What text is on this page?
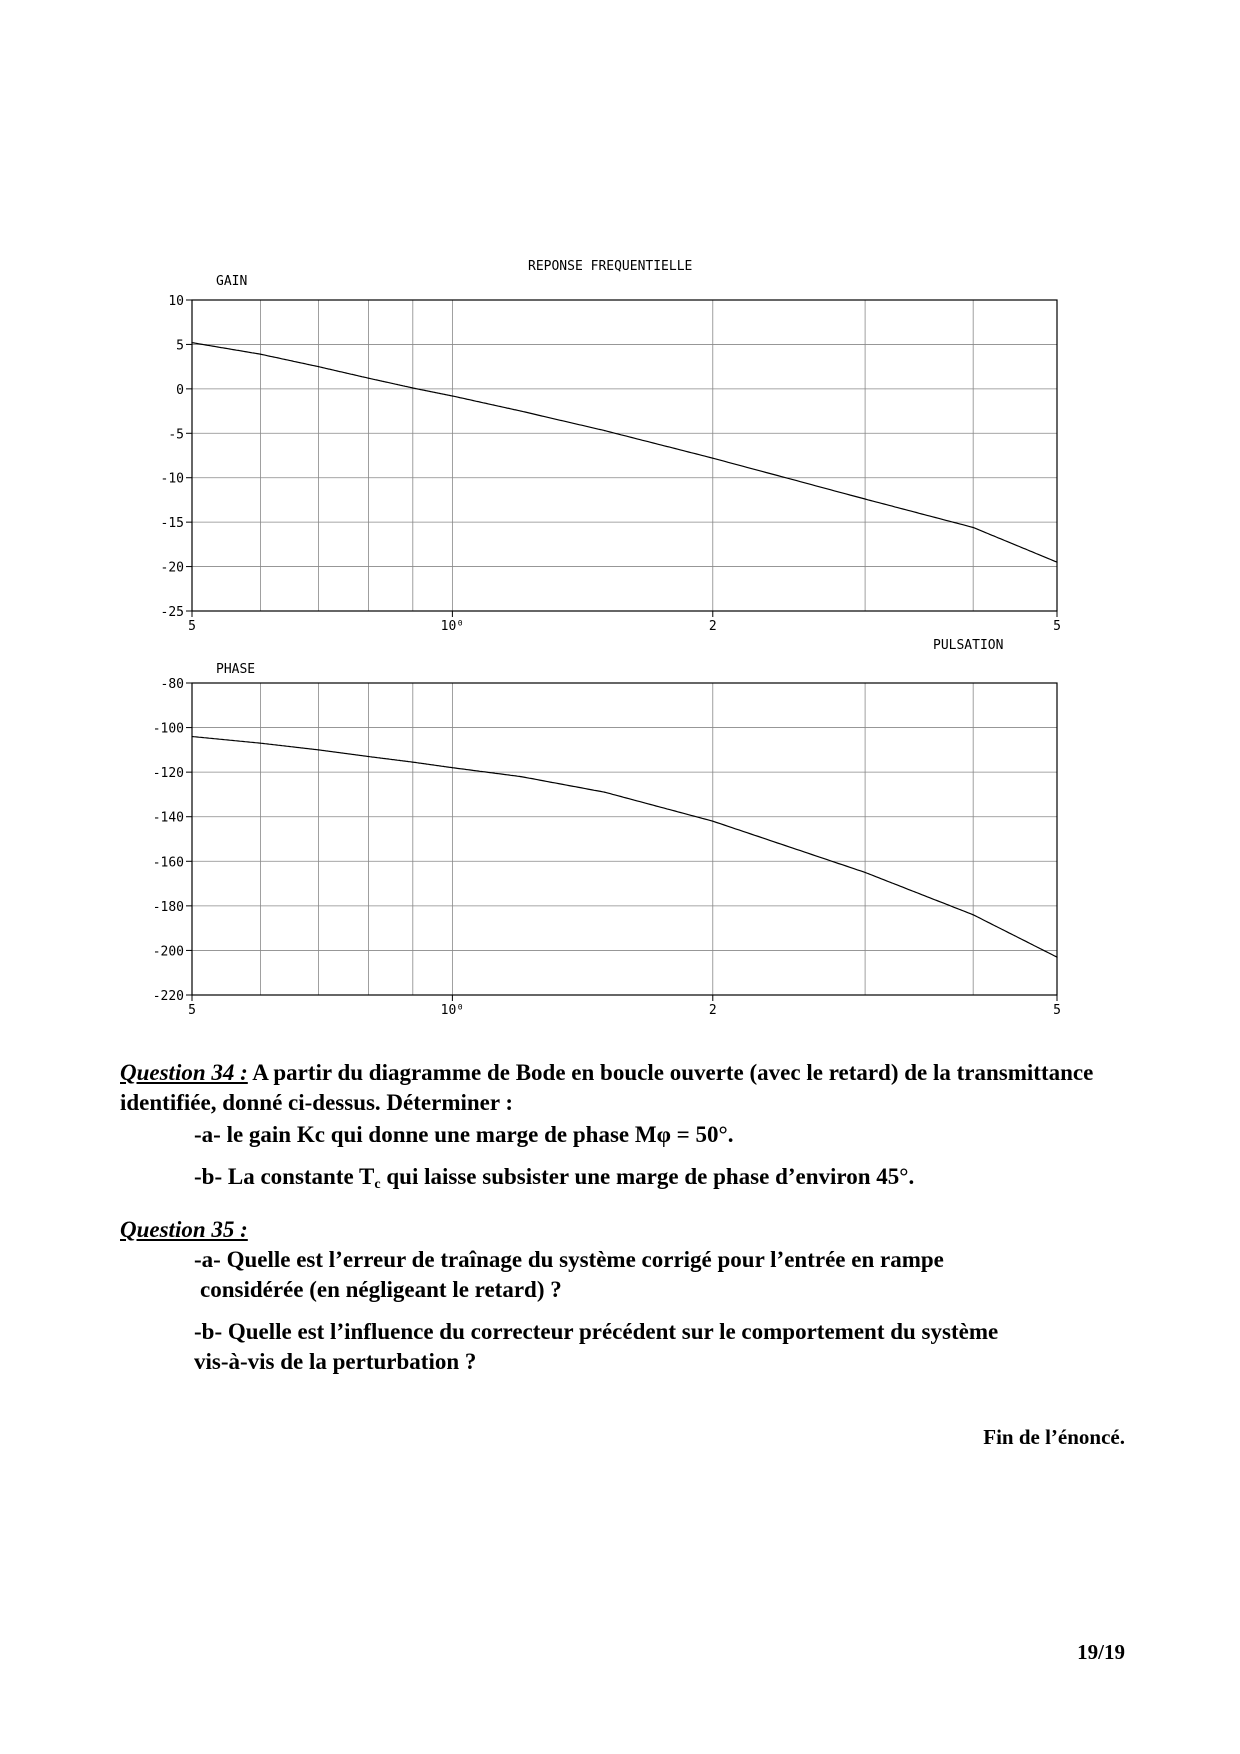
REPONSE FREQUENTIELLE
GAIN
PULSATION
PHASE
10
5
0
-5
-10
-15
-20
-25
5	10⁰	2	5
-80
-100
-120
-140
-160
-180
-200
-220
5	10⁰	2	5

Question 34 : A partir du diagramme de Bode en boucle ouverte (avec le retard) de la transmittance identifiée, donné ci-dessus. Déterminer :

-a- le gain Kc qui donne une marge de phase Mφ = 50°.

-b- La constante $T_c$ qui laisse subsister une marge de phase d’environ 45°.

Question 35 :

-a- Quelle est l’erreur de traînage du système corrigé pour l’entrée en rampe

considérée (en négligeant le retard) ?

-b- Quelle est l’influence du correcteur précédent sur le comportement du système

vis-à-vis de la perturbation ?

Fin de l’énoncé.
19/19
